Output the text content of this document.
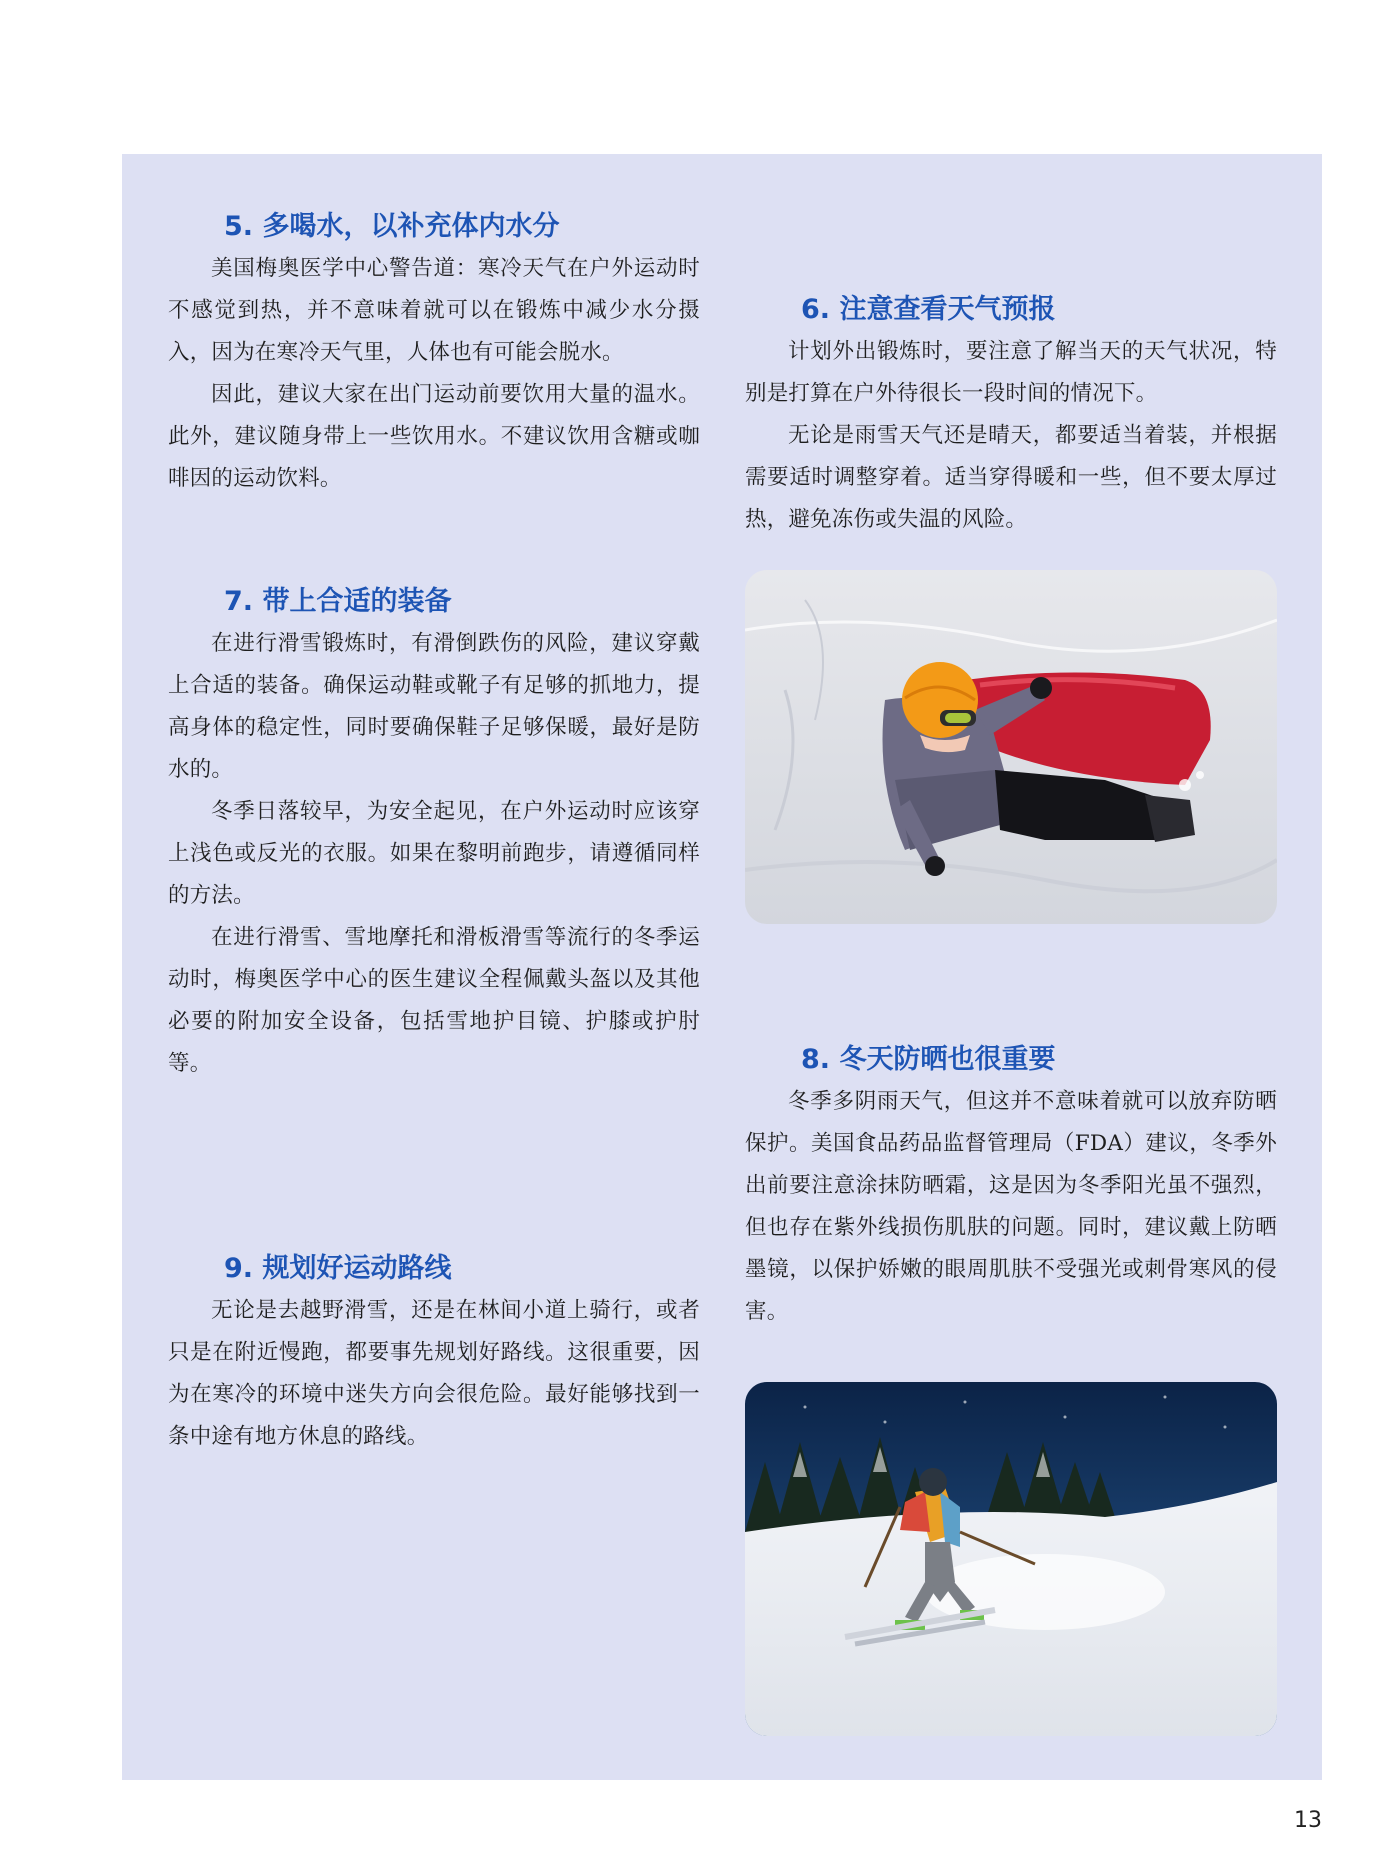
5. 多喝水，以补充体内水分

美国梅奥医学中心警告道：寒冷天气在户外运动时不感觉到热，并不意味着就可以在锻炼中减少水分摄入，因为在寒冷天气里，人体也有可能会脱水。

因此，建议大家在出门运动前要饮用大量的温水。此外，建议随身带上一些饮用水。不建议饮用含糖或咖啡因的运动饮料。

6. 注意查看天气预报

计划外出锻炼时，要注意了解当天的天气状况，特别是打算在户外待很长一段时间的情况下。

无论是雨雪天气还是晴天，都要适当着装，并根据需要适时调整穿着。适当穿得暖和一些，但不要太厚过热，避免冻伤或失温的风险。

7. 带上合适的装备

在进行滑雪锻炼时，有滑倒跌伤的风险，建议穿戴上合适的装备。确保运动鞋或靴子有足够的抓地力，提高身体的稳定性，同时要确保鞋子足够保暖，最好是防水的。

冬季日落较早，为安全起见，在户外运动时应该穿上浅色或反光的衣服。如果在黎明前跑步，请遵循同样的方法。

在进行滑雪、雪地摩托和滑板滑雪等流行的冬季运动时，梅奥医学中心的医生建议全程佩戴头盔以及其他必要的附加安全设备，包括雪地护目镜、护膝或护肘等。	8. 冬天防晒也很重要

冬季多阴雨天气，但这并不意味着就可以放弃防晒保护。美国食品药品监督管理局（FDA）建议，冬季外出前要注意涂抹防晒霜，这是因为冬季阳光虽不强烈，但也存在紫外线损伤肌肤的问题。同时，建议戴上防晒墨镜，以保护娇嫩的眼周肌肤不受强光或刺骨寒风的侵害。

9. 规划好运动路线

无论是去越野滑雪，还是在林间小道上骑行，或者只是在附近慢跑，都要事先规划好路线。这很重要，因为在寒冷的环境中迷失方向会很危险。最好能够找到一条中途有地方休息的路线。

13
